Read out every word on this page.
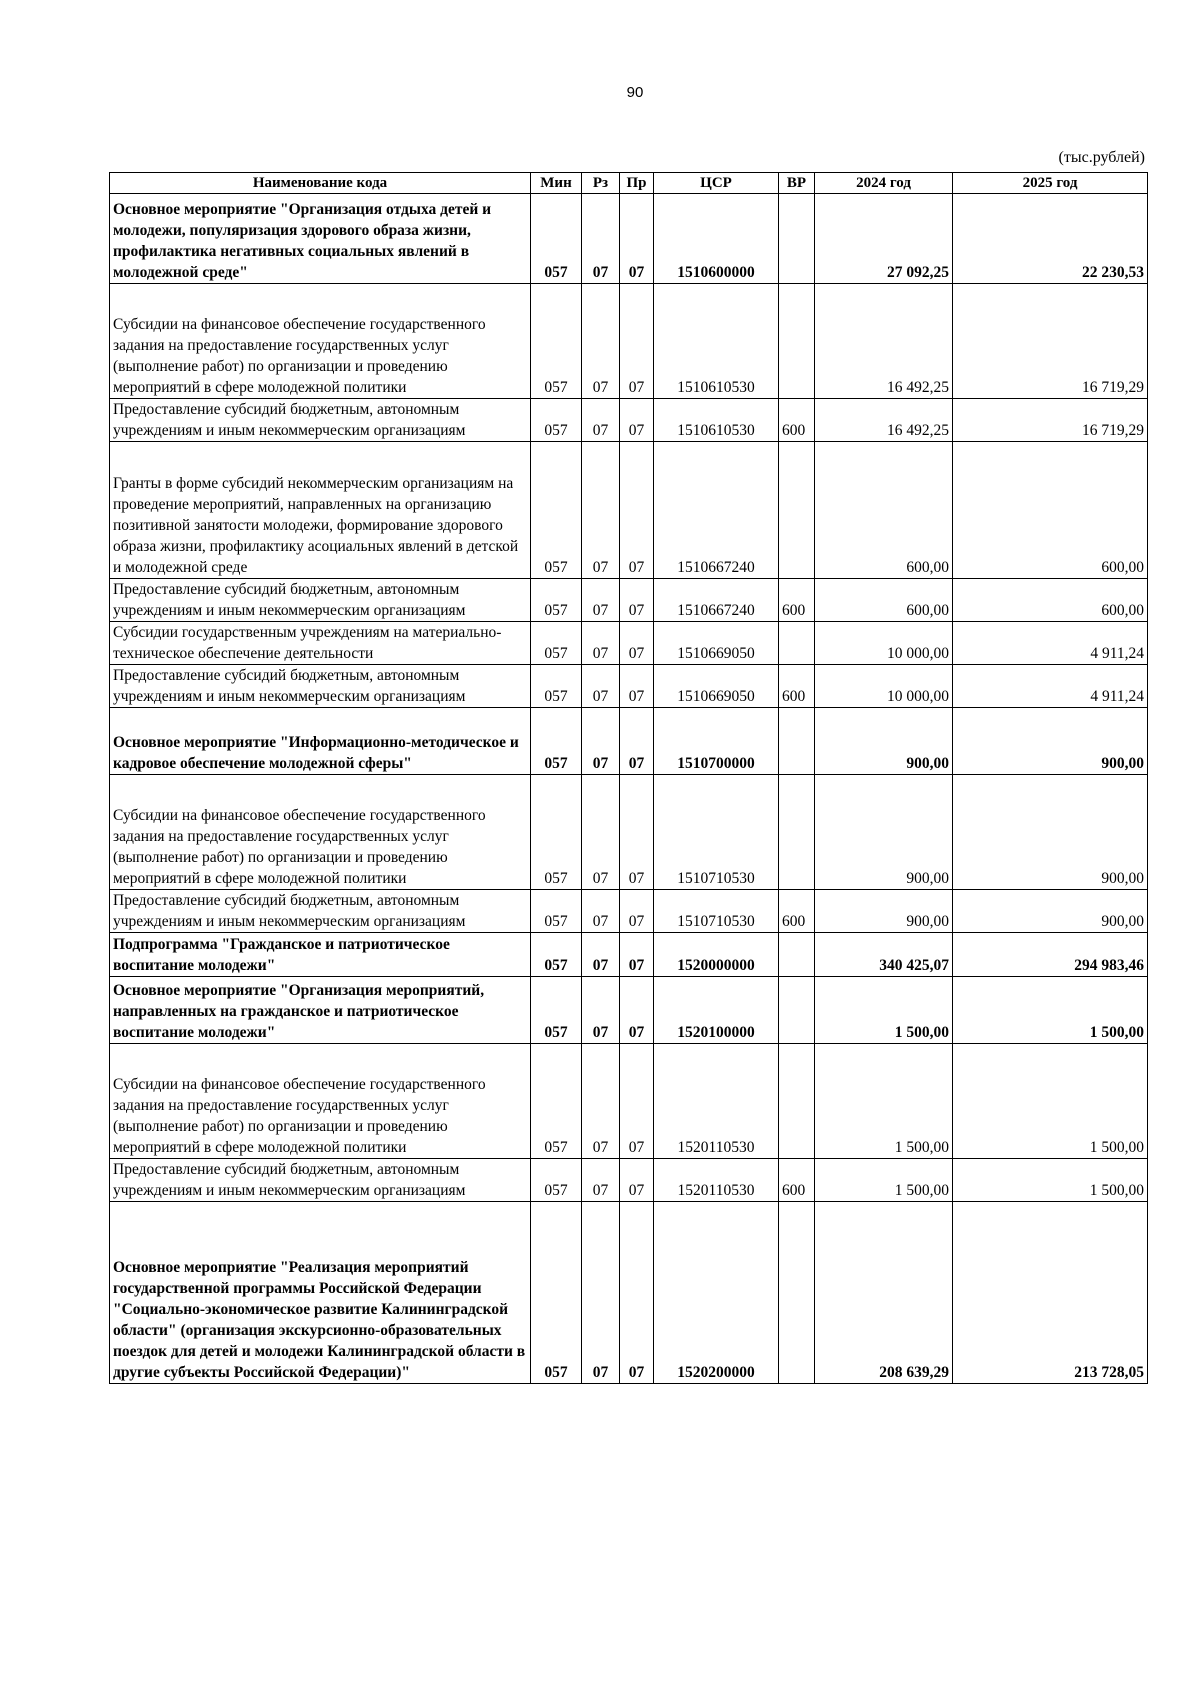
90
(тыс.рублей)
Наименование кода	Мин	Рз	Пр	ЦСР	ВР	2024 год	2025 год
Основное мероприятие "Организация отдыха детей и молодежи, популяризация здорового образа жизни, профилактика негативных социальных явлений в молодежной среде"	057	07	07	1510600000		27 092,25	22 230,53
Субсидии на финансовое обеспечение государственного задания на предоставление государственных услуг (выполнение работ) по организации и проведению мероприятий в сфере молодежной политики	057	07	07	1510610530		16 492,25	16 719,29
Предоставление субсидий бюджетным, автономным учреждениям и иным некоммерческим организациям	057	07	07	1510610530	600	16 492,25	16 719,29
Гранты в форме субсидий некоммерческим организациям на проведение мероприятий, направленных на организацию позитивной занятости молодежи, формирование здорового образа жизни, профилактику асоциальных явлений в детской и молодежной среде	057	07	07	1510667240		600,00	600,00
Предоставление субсидий бюджетным, автономным учреждениям и иным некоммерческим организациям	057	07	07	1510667240	600	600,00	600,00
Субсидии государственным учреждениям на материально-техническое обеспечение деятельности	057	07	07	1510669050		10 000,00	4 911,24
Предоставление субсидий бюджетным, автономным учреждениям и иным некоммерческим организациям	057	07	07	1510669050	600	10 000,00	4 911,24
Основное мероприятие "Информационно-методическое и кадровое обеспечение молодежной сферы"	057	07	07	1510700000		900,00	900,00
Субсидии на финансовое обеспечение государственного задания на предоставление государственных услуг (выполнение работ) по организации и проведению мероприятий в сфере молодежной политики	057	07	07	1510710530		900,00	900,00
Предоставление субсидий бюджетным, автономным учреждениям и иным некоммерческим организациям	057	07	07	1510710530	600	900,00	900,00
Подпрограмма "Гражданское и патриотическое воспитание молодежи"	057	07	07	1520000000		340 425,07	294 983,46
Основное мероприятие "Организация мероприятий, направленных на гражданское и патриотическое воспитание молодежи"	057	07	07	1520100000		1 500,00	1 500,00
Субсидии на финансовое обеспечение государственного задания на предоставление государственных услуг (выполнение работ) по организации и проведению мероприятий в сфере молодежной политики	057	07	07	1520110530		1 500,00	1 500,00
Предоставление субсидий бюджетным, автономным учреждениям и иным некоммерческим организациям	057	07	07	1520110530	600	1 500,00	1 500,00
Основное мероприятие "Реализация мероприятий государственной программы Российской Федерации "Социально-экономическое развитие Калининградской области" (организация экскурсионно-образовательных поездок для детей и молодежи Калининградской области в другие субъекты Российской Федерации)"	057	07	07	1520200000		208 639,29	213 728,05
